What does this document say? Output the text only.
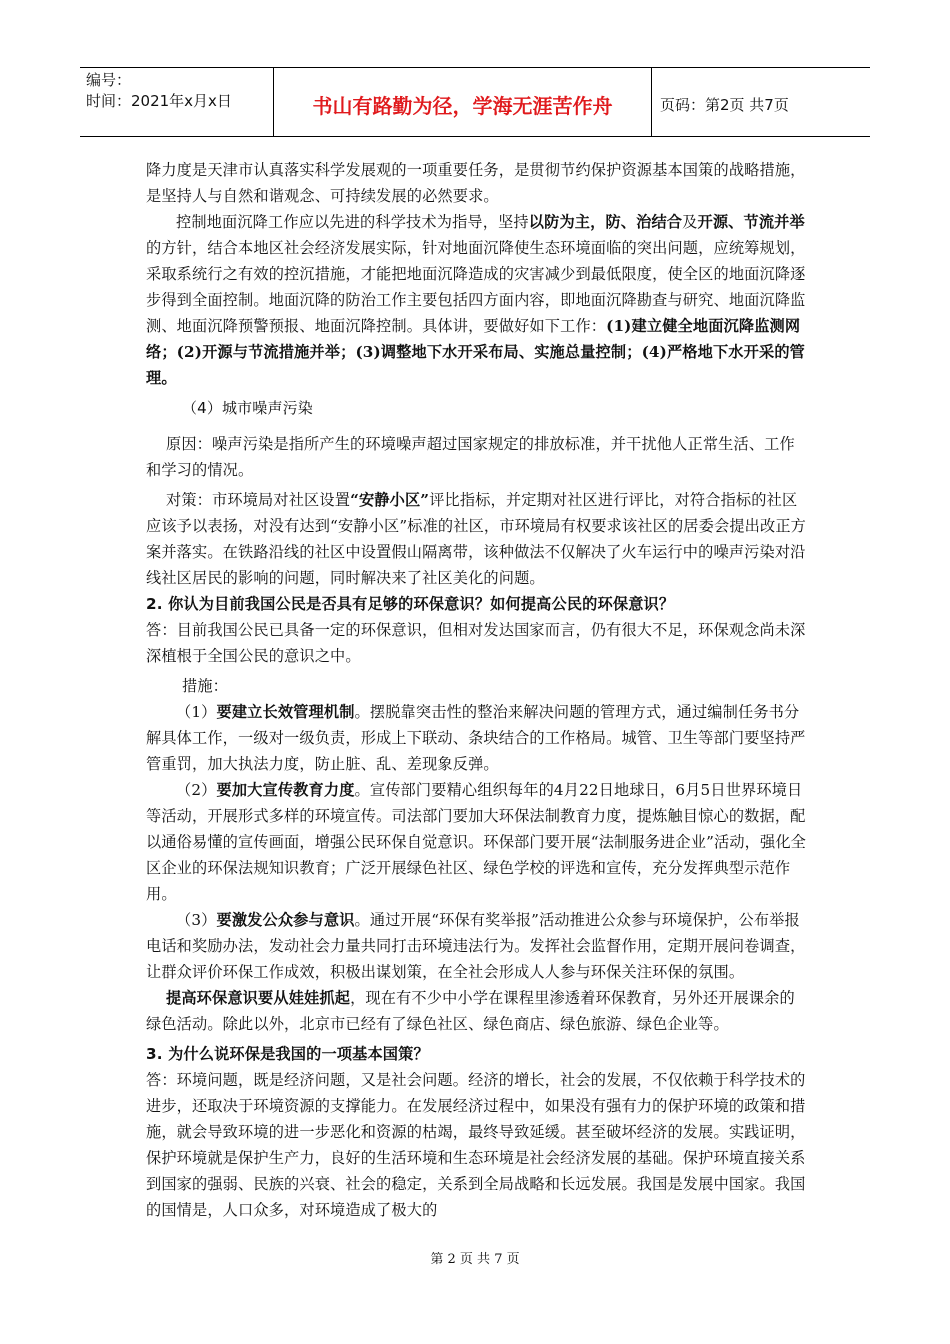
编号：
时间：2021年x月x日	书山有路勤为径，学海无涯苦作舟	页码：第2页 共7页

降力度是天津市认真落实科学发展观的一项重要任务，是贯彻节约保护资源基本国策的战略措施，是坚持人与自然和谐观念、可持续发展的必然要求。

控制地面沉降工作应以先进的科学技术为指导，坚持以防为主，防、治结合及开源、节流并举的方针，结合本地区社会经济发展实际，针对地面沉降使生态环境面临的突出问题，应统筹规划，采取系统行之有效的控沉措施，才能把地面沉降造成的灾害减少到最低限度，使全区的地面沉降逐步得到全面控制。地面沉降的防治工作主要包括四方面内容，即地面沉降勘查与研究、地面沉降监测、地面沉降预警预报、地面沉降控制。具体讲，要做好如下工作：(1)建立健全地面沉降监测网络；(2)开源与节流措施并举；(3)调整地下水开采布局、实施总量控制；(4)严格地下水开采的管理。

（4）城市噪声污染

原因：噪声污染是指所产生的环境噪声超过国家规定的排放标准，并干扰他人正常生活、工作和学习的情况。

对策：市环境局对社区设置“安静小区”评比指标，并定期对社区进行评比，对符合指标的社区应该予以表扬，对没有达到“安静小区”标准的社区，市环境局有权要求该社区的居委会提出改正方案并落实。在铁路沿线的社区中设置假山隔离带，该种做法不仅解决了火车运行中的噪声污染对沿线社区居民的影响的问题，同时解决来了社区美化的问题。

2. 你认为目前我国公民是否具有足够的环保意识？如何提高公民的环保意识？

答：目前我国公民已具备一定的环保意识，但相对发达国家而言，仍有很大不足，环保观念尚未深深植根于全国公民的意识之中。

措施：

（1）要建立长效管理机制。摆脱靠突击性的整治来解决问题的管理方式，通过编制任务书分解具体工作，一级对一级负责，形成上下联动、条块结合的工作格局。城管、卫生等部门要坚持严管重罚，加大执法力度，防止脏、乱、差现象反弹。

（2）要加大宣传教育力度。宣传部门要精心组织每年的4月22日地球日，6月5日世界环境日等活动，开展形式多样的环境宣传。司法部门要加大环保法制教育力度，提炼触目惊心的数据，配以通俗易懂的宣传画面，增强公民环保自觉意识。环保部门要开展“法制服务进企业”活动，强化全区企业的环保法规知识教育；广泛开展绿色社区、绿色学校的评选和宣传，充分发挥典型示范作用。

（3）要激发公众参与意识。通过开展“环保有奖举报”活动推进公众参与环境保护，公布举报电话和奖励办法，发动社会力量共同打击环境违法行为。发挥社会监督作用，定期开展问卷调查，让群众评价环保工作成效，积极出谋划策，在全社会形成人人参与环保关注环保的氛围。

提高环保意识要从娃娃抓起，现在有不少中小学在课程里渗透着环保教育，另外还开展课余的绿色活动。除此以外，北京市已经有了绿色社区、绿色商店、绿色旅游、绿色企业等。

3. 为什么说环保是我国的一项基本国策？

答：环境问题，既是经济问题，又是社会问题。经济的增长，社会的发展，不仅依赖于科学技术的进步，还取决于环境资源的支撑能力。在发展经济过程中，如果没有强有力的保护环境的政策和措施，就会导致环境的进一步恶化和资源的枯竭，最终导致延缓。甚至破坏经济的发展。实践证明，保护环境就是保护生产力，良好的生活环境和生态环境是社会经济发展的基础。保护环境直接关系到国家的强弱、民族的兴衰、社会的稳定，关系到全局战略和长远发展。我国是发展中国家。我国的国情是，人口众多，对环境造成了极大的

第 2 页 共 7 页
